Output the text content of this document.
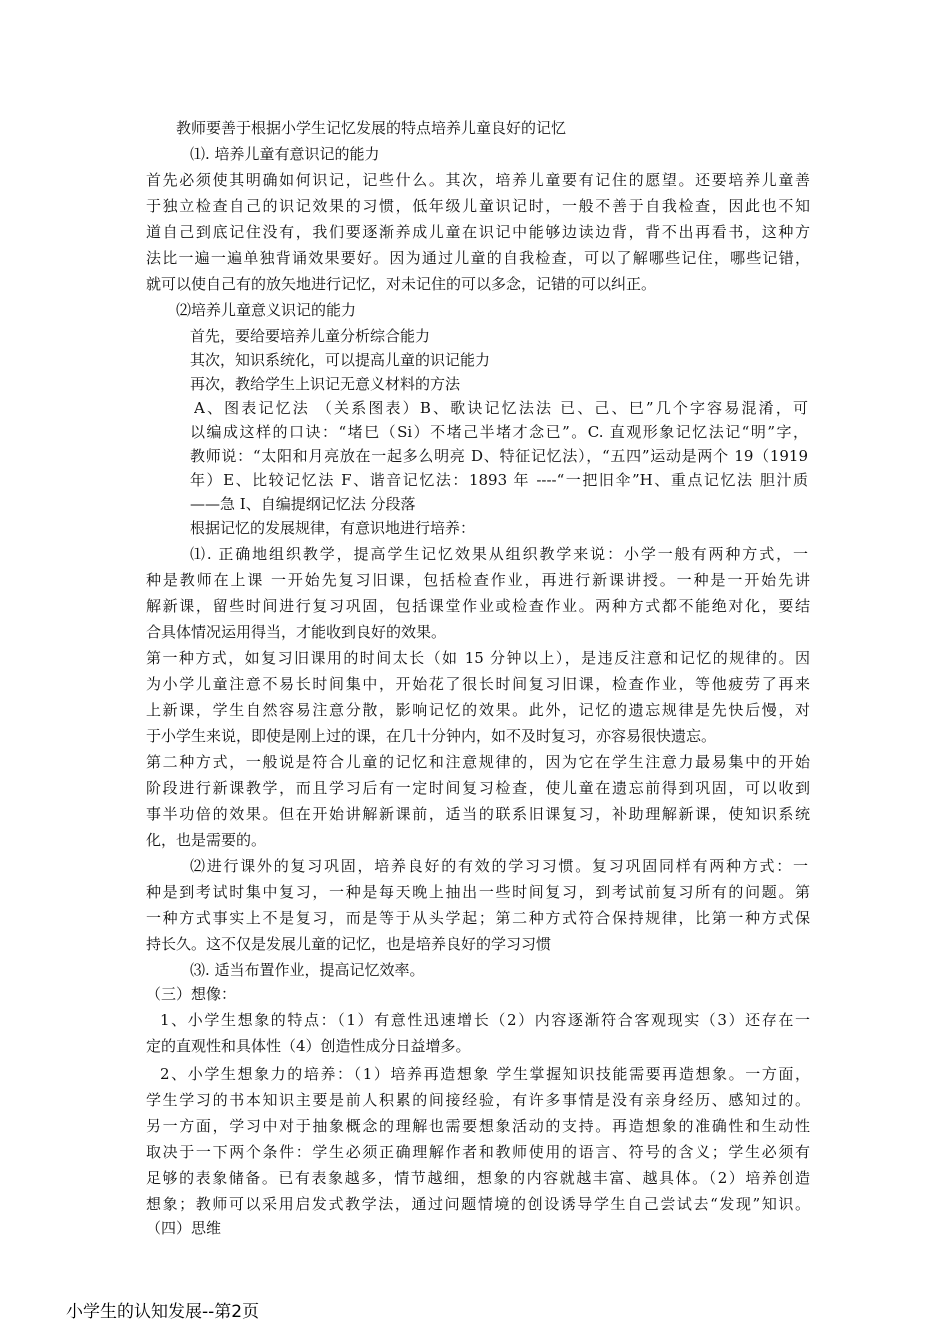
教师要善于根据小学生记忆发展的特点培养儿童良好的记忆
⑴. 培养儿童有意识记的能力
首先必须使其明确如何识记，记些什么。其次，培养儿童要有记住的愿望。还要培养儿童善
于独立检查自己的识记效果的习惯，低年级儿童识记时，一般不善于自我检查，因此也不知
道自己到底记住没有，我们要逐渐养成儿童在识记中能够边读边背，背不出再看书，这种方
法比一遍一遍单独背诵效果要好。因为通过儿童的自我检查，可以了解哪些记住，哪些记错，
就可以使自己有的放矢地进行记忆，对未记住的可以多念，记错的可以纠正。
⑵培养儿童意义识记的能力
首先，要给要培养儿童分析综合能力
其次，知识系统化，可以提高儿童的识记能力
再次，教给学生上识记无意义材料的方法
A、图表记忆法 （关系图表）B、歌诀记忆法法 已、己、巳”几个字容易混淆，可
以编成这样的口诀：“堵巳（Si）不堵己半堵才念已”。C. 直观形象记忆法记“明”字，
教师说：“太阳和月亮放在一起多么明亮 D、特征记忆法），“五四”运动是两个 19（1919
年）E、比较记忆法 F、谐音记忆法：1893 年 ----“一把旧伞”H、重点记忆法 胆汁质
——急 I、自编提纲记忆法 分段落
根据记忆的发展规律，有意识地进行培养：
⑴. 正确地组织教学，提高学生记忆效果从组织教学来说：小学一般有两种方式，一
种是教师在上课 一开始先复习旧课，包括检查作业，再进行新课讲授。一种是一开始先讲
解新课，留些时间进行复习巩固，包括课堂作业或检查作业。两种方式都不能绝对化，要结
合具体情况运用得当，才能收到良好的效果。
第一种方式，如复习旧课用的时间太长（如 15 分钟以上），是违反注意和记忆的规律的。因
为小学儿童注意不易长时间集中，开始花了很长时间复习旧课，检查作业，等他疲劳了再来
上新课，学生自然容易注意分散，影响记忆的效果。此外，记忆的遗忘规律是先快后慢，对
于小学生来说，即使是刚上过的课，在几十分钟内，如不及时复习，亦容易很快遗忘。
第二种方式，一般说是符合儿童的记忆和注意规律的，因为它在学生注意力最易集中的开始
阶段进行新课教学，而且学习后有一定时间复习检查，使儿童在遗忘前得到巩固，可以收到
事半功倍的效果。但在开始讲解新课前，适当的联系旧课复习，补助理解新课，使知识系统
化，也是需要的。
⑵进行课外的复习巩固，培养良好的有效的学习习惯。复习巩固同样有两种方式：一
种是到考试时集中复习，一种是每天晚上抽出一些时间复习，到考试前复习所有的问题。第
一种方式事实上不是复习，而是等于从头学起；第二种方式符合保持规律，比第一种方式保
持长久。这不仅是发展儿童的记忆，也是培养良好的学习习惯
⑶. 适当布置作业，提高记忆效率。
（三）想像：
1、小学生想象的特点：（1）有意性迅速增长（2）内容逐渐符合客观现实（3）还存在一
定的直观性和具体性（4）创造性成分日益增多。
2、小学生想象力的培养：（1）培养再造想象 学生掌握知识技能需要再造想象。一方面，
学生学习的书本知识主要是前人积累的间接经验，有许多事情是没有亲身经历、感知过的。
另一方面，学习中对于抽象概念的理解也需要想象活动的支持。再造想象的准确性和生动性
取决于一下两个条件：学生必须正确理解作者和教师使用的语言、符号的含义；学生必须有
足够的表象储备。已有表象越多，情节越细，想象的内容就越丰富、越具体。（2）培养创造
想象；教师可以采用启发式教学法，通过问题情境的创设诱导学生自己尝试去“发现”知识。
（四）思维
小学生的认知发展--第2页
